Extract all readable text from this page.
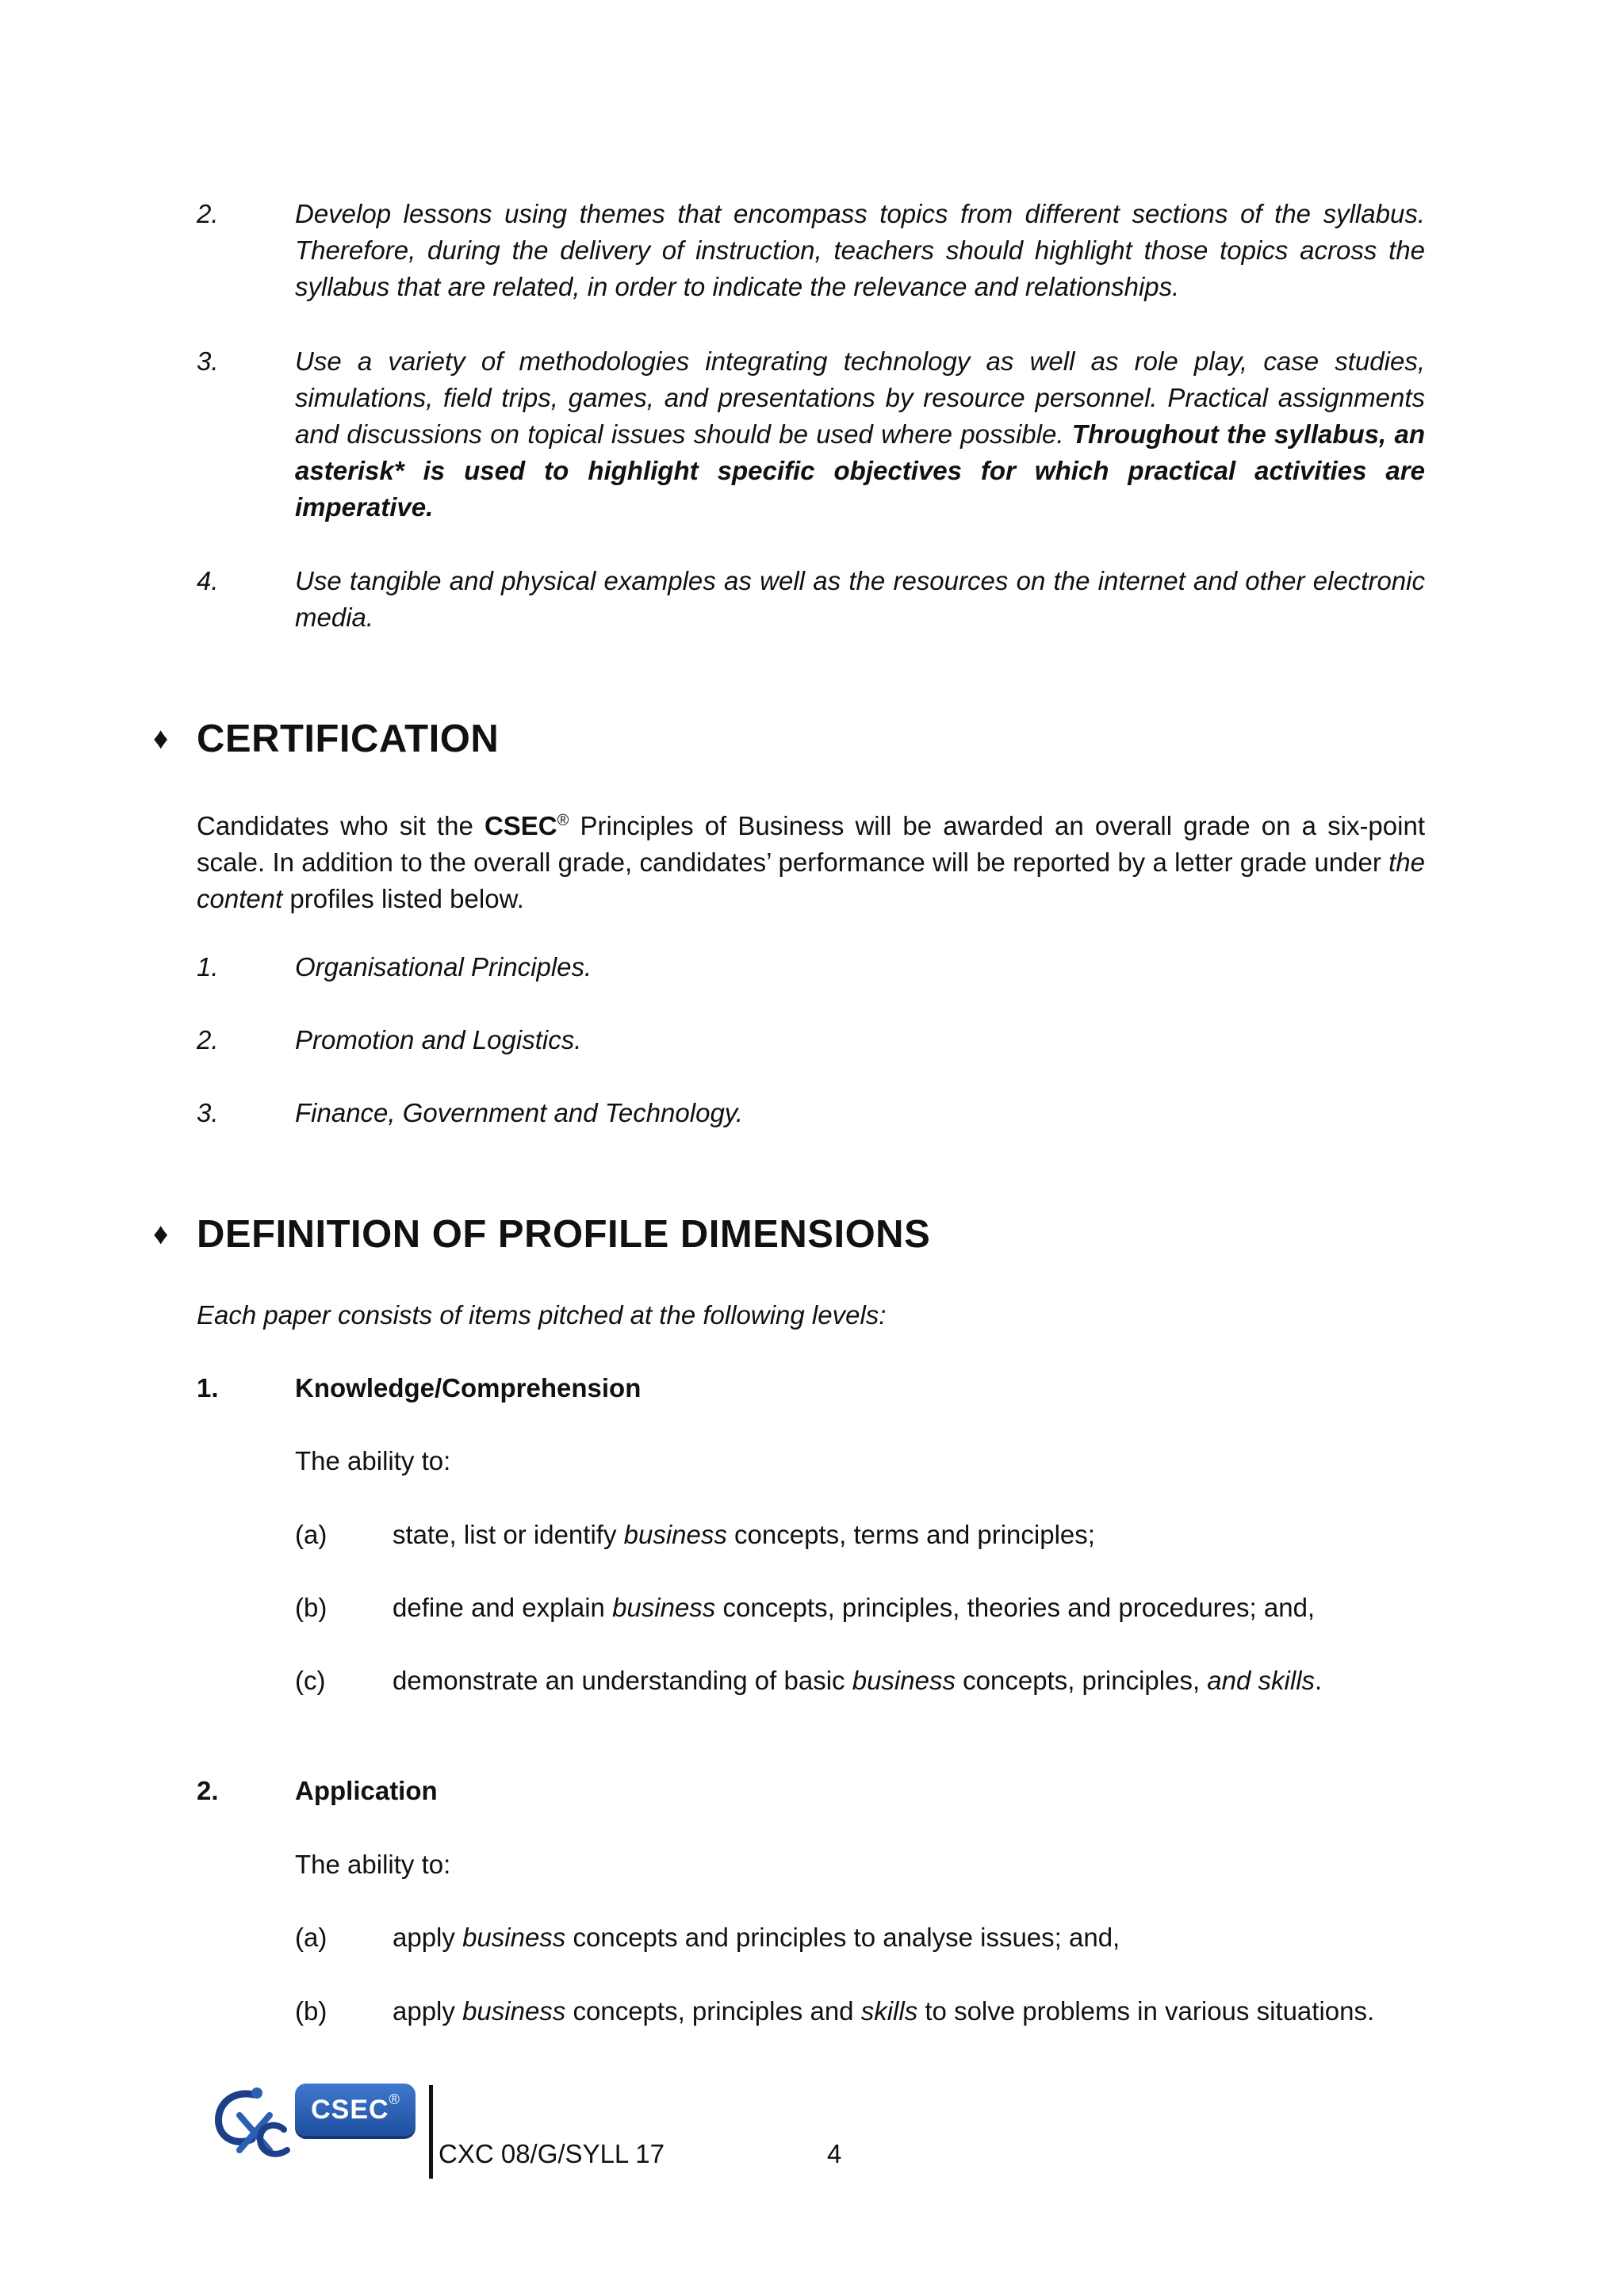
2.	Develop lessons using themes that encompass topics from different sections of the syllabus. Therefore, during the delivery of instruction, teachers should highlight those topics across the syllabus that are related, in order to indicate the relevance and relationships.
3.	Use a variety of methodologies integrating technology as well as role play, case studies, simulations, field trips, games, and presentations by resource personnel. Practical assignments and discussions on topical issues should be used where possible. Throughout the syllabus, an asterisk* is used to highlight specific objectives for which practical activities are imperative.
4.	Use tangible and physical examples as well as the resources on the internet and other electronic media.
♦ CERTIFICATION
Candidates who sit the CSEC® Principles of Business will be awarded an overall grade on a six-point scale. In addition to the overall grade, candidates’ performance will be reported by a letter grade under the content profiles listed below.
1.	Organisational Principles.
2.	Promotion and Logistics.
3.	Finance, Government and Technology.
♦ DEFINITION OF PROFILE DIMENSIONS
Each paper consists of items pitched at the following levels:
1.	Knowledge/Comprehension
The ability to:
(a)	state, list or identify business concepts, terms and principles;
(b)	define and explain business concepts, principles, theories and procedures; and,
(c)	demonstrate an understanding of basic business concepts, principles, and skills.
2.	Application
The ability to:
(a)	apply business concepts and principles to analyse issues; and,
(b)	apply business concepts, principles and skills to solve problems in various situations.
CSEC ®
CXC 08/G/SYLL 17	4
